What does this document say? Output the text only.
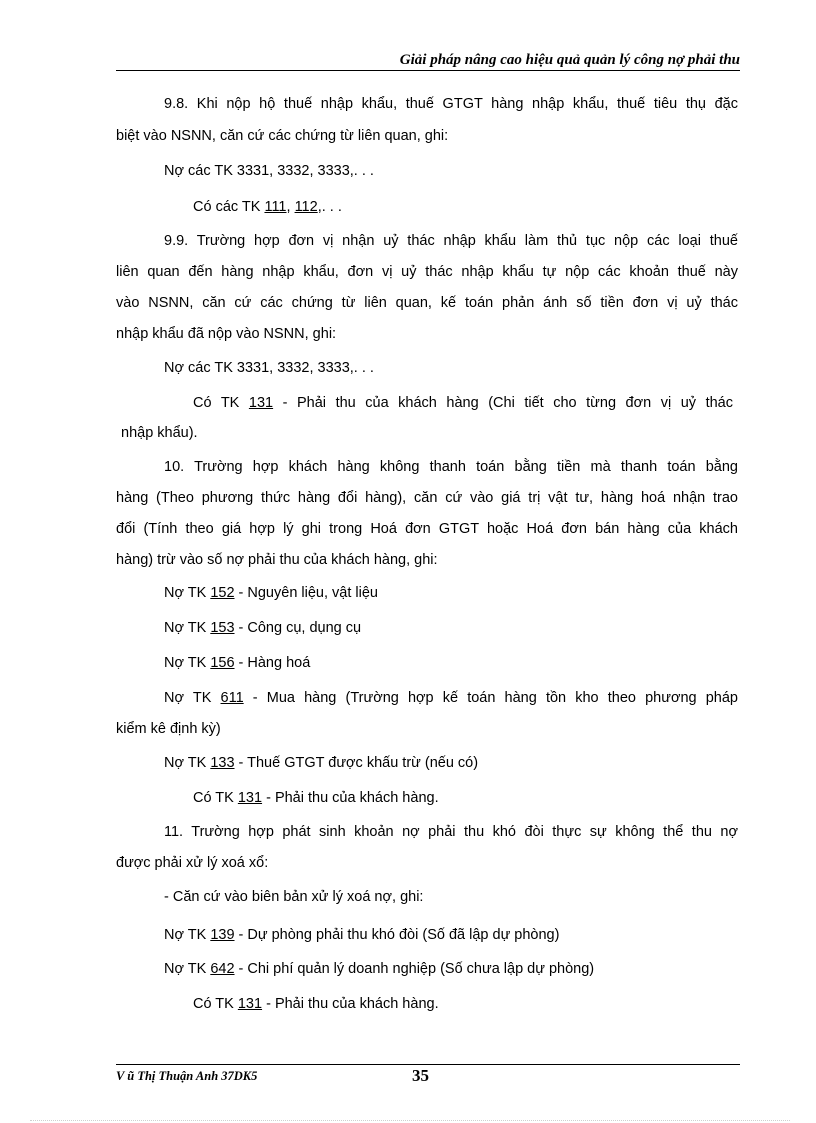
Giải pháp nâng cao hiệu quả quản lý công nợ phải thu
9.8. Khi nộp hộ thuế nhập khẩu, thuế GTGT hàng nhập khẩu, thuế tiêu thụ đặc
biệt vào NSNN, căn cứ các chứng từ liên quan, ghi:
Nợ các TK 3331, 3332, 3333,. . .
Có các TK 111, 112,. . .
9.9. Trường hợp đơn vị nhận uỷ thác nhập khẩu làm thủ tục nộp các loại thuế
liên quan đến hàng nhập khẩu, đơn vị uỷ thác nhập khẩu tự nộp các khoản thuế này
vào NSNN, căn cứ các chứng từ liên quan, kế toán phản ánh số tiền đơn vị uỷ thác
nhập khẩu đã nộp vào NSNN, ghi:
Nợ các TK 3331, 3332, 3333,. . .
Có TK 131 - Phải thu của khách hàng (Chi tiết cho từng đơn vị uỷ thác
nhập khẩu).
10. Trường hợp khách hàng không thanh toán bằng tiền mà thanh toán bằng
hàng (Theo phương thức hàng đổi hàng), căn cứ vào giá trị vật tư, hàng hoá nhận trao
đổi (Tính theo giá hợp lý ghi trong Hoá đơn GTGT hoặc Hoá đơn bán hàng của khách
hàng) trừ vào số nợ phải thu của khách hàng, ghi:
Nợ TK 152 - Nguyên liệu, vật liệu
Nợ TK 153 - Công cụ, dụng cụ
Nợ TK 156 - Hàng hoá
Nợ TK 611 - Mua hàng (Trường hợp kế toán hàng tồn kho theo phương pháp
kiểm kê định kỳ)
Nợ TK 133 - Thuế GTGT được khấu trừ (nếu có)
Có TK 131 - Phải thu của khách hàng.
11. Trường hợp phát sinh khoản nợ phải thu khó đòi thực sự không thể thu nợ
được phải xử lý xoá xổ:
- Căn cứ vào biên bản xử lý xoá nợ, ghi:
Nợ TK 139 - Dự phòng phải thu khó đòi (Số đã lập dự phòng)
Nợ TK 642 - Chi phí quản lý doanh nghiệp (Số chưa lập dự phòng)
Có TK 131 - Phải thu của khách hàng.
V ũ Thị Thuận Anh 37DK5	35
